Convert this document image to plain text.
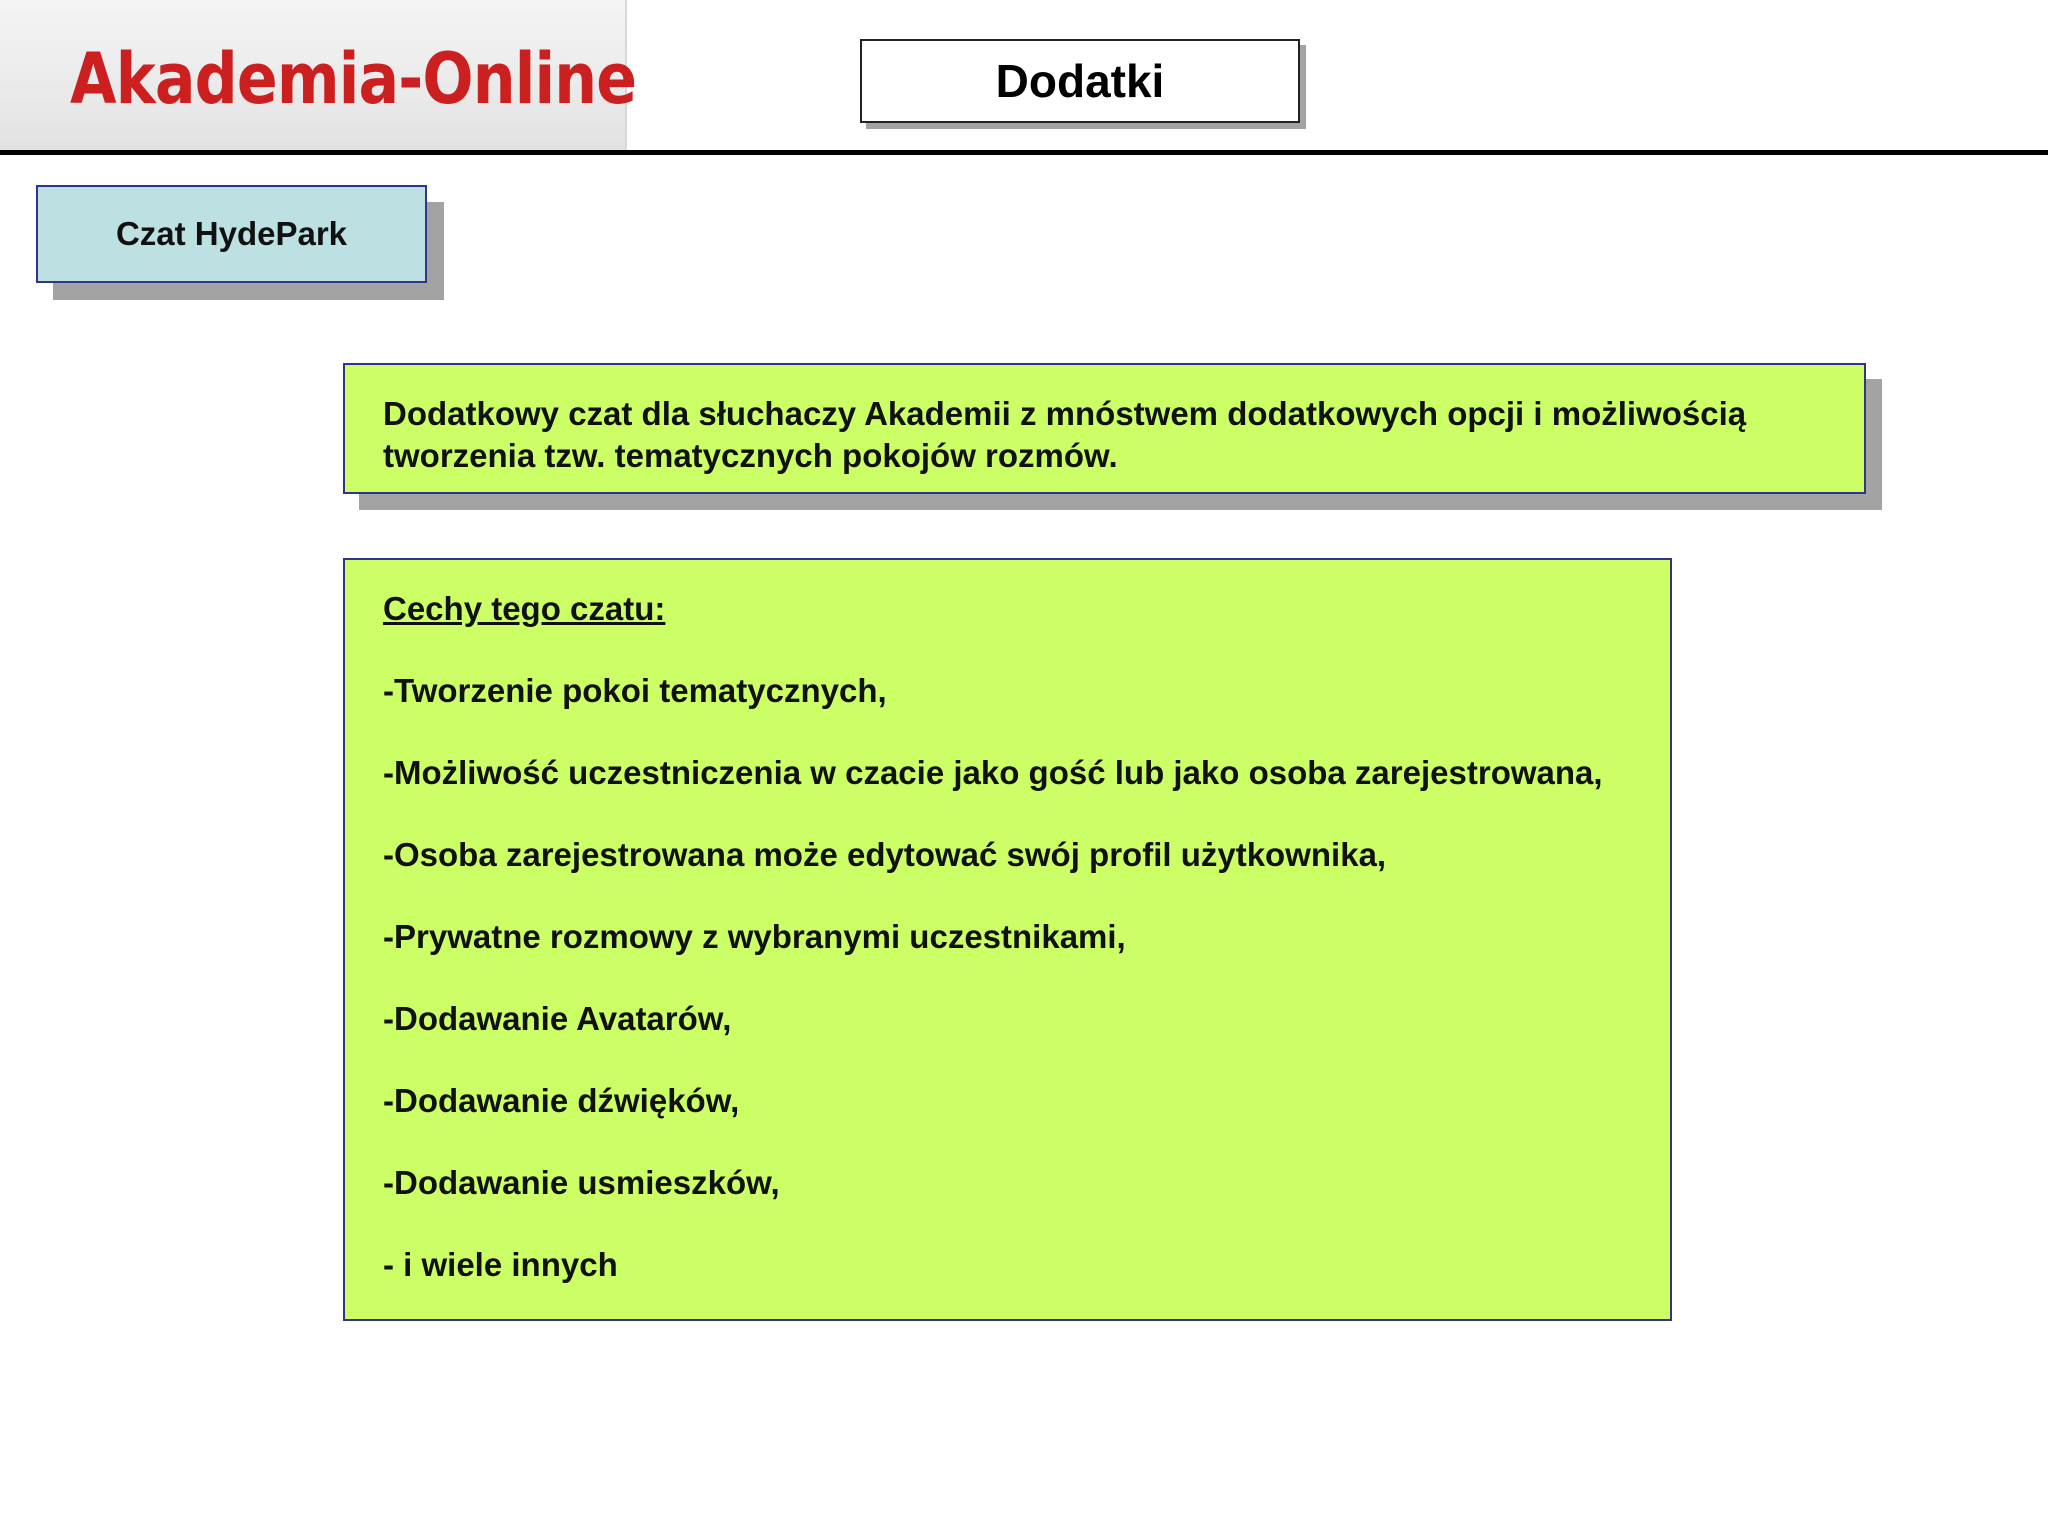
Akademia-Online	Dodatki
Czat HydePark

Dodatkowy czat dla słuchaczy Akademii z mnóstwem dodatkowych opcji i możliwością tworzenia tzw. tematycznych pokojów rozmów.

Cechy tego czatu:
-Tworzenie pokoi tematycznych,
-Możliwość uczestniczenia w czacie jako gość lub jako osoba zarejestrowana,
-Osoba zarejestrowana może edytować swój profil użytkownika,
-Prywatne rozmowy z wybranymi uczestnikami,
-Dodawanie Avatarów,
-Dodawanie dźwięków,
-Dodawanie usmieszków,
- i wiele innych
